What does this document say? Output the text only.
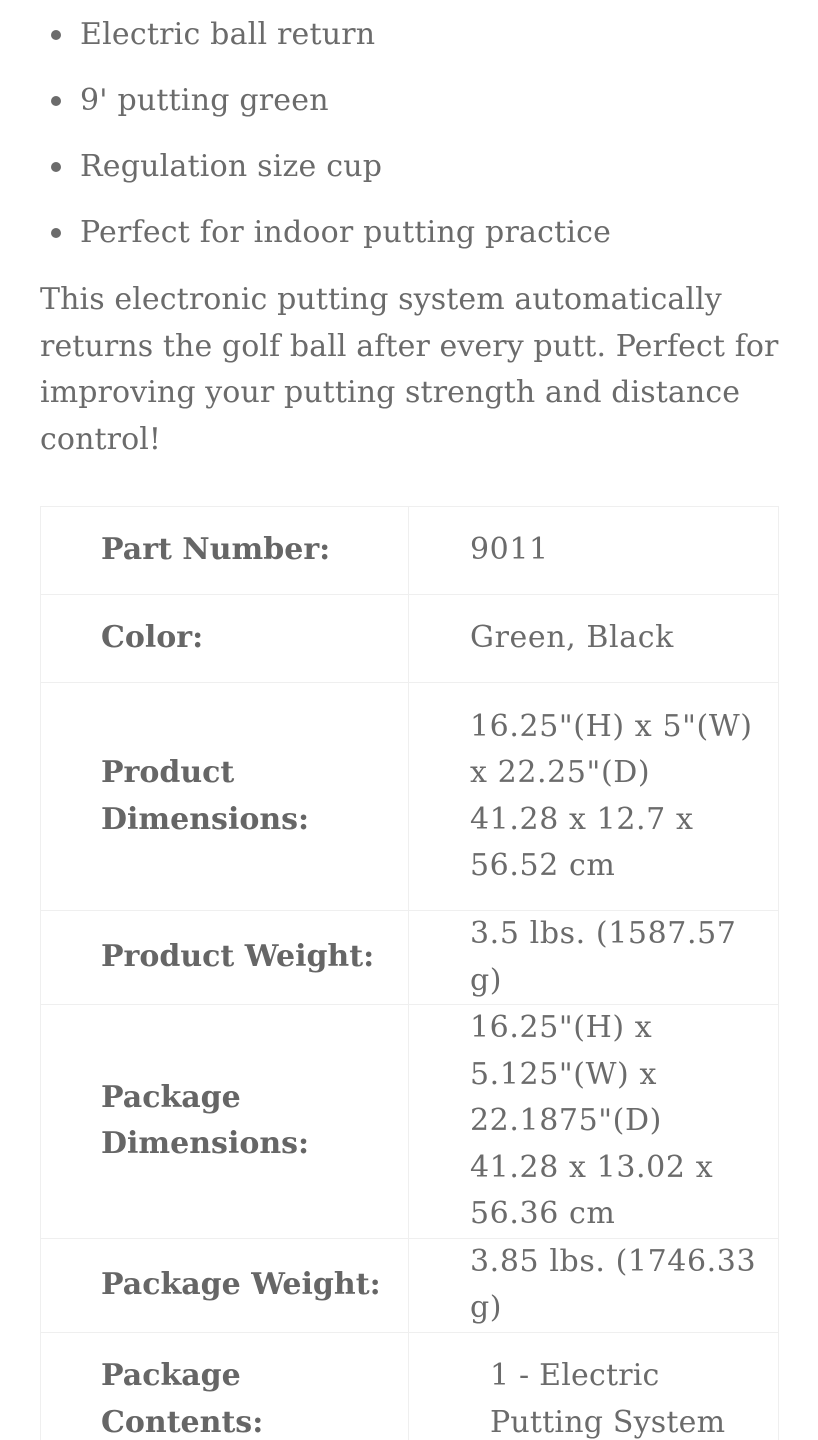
Electric ball return
9' putting green
Regulation size cup
Perfect for indoor putting practice

This electronic putting system automatically returns the golf ball after every putt. Perfect for improving your putting strength and distance control!

Part Number:	9011
Color:	Green, Black
Product Dimensions:	16.25"(H) x 5"(W) x 22.25"(D)
41.28 x 12.7 x 56.52 cm

Product Weight:	3.5 lbs. (1587.57 g)
Package Dimensions:	16.25"(H) x 5.125"(W) x 22.1875"(D)
41.28 x 13.02 x 56.36 cm

Package Weight:	3.85 lbs. (1746.33 g)
Package Contents:	1 - Electric Putting System
